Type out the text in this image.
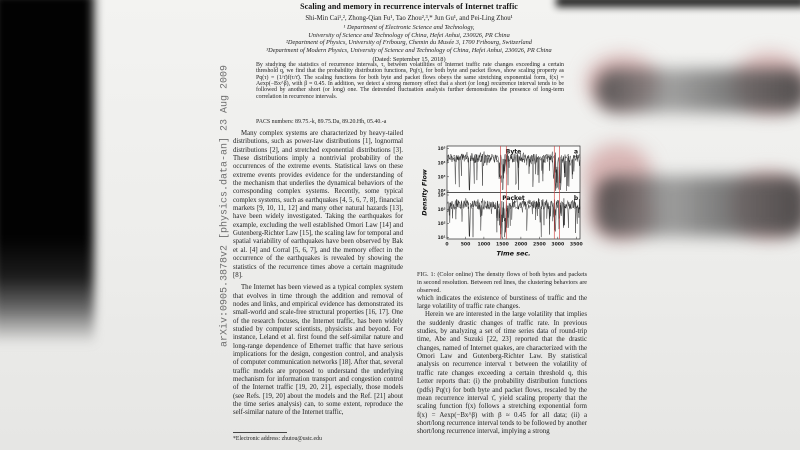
arXiv:0905.3878v2 [physics.data-an] 23 Aug 2009
Scaling and memory in recurrence intervals of Internet traffic
Shi-Min Cai¹,², Zhong-Qian Fu¹, Tao Zhou²,³,* Jun Gu¹, and Pei-Ling Zhou¹
¹ Department of Electronic Science and Technology,
University of Science and Technology of China, Hefei Anhui, 230026, PR China
²Department of Physics, University of Fribourg, Chemin du Musée 3, 1700 Fribourg, Switzerland
³Department of Modern Physics, University of Science and Technology of China, Hefei Anhui, 230026, PR China
(Dated: September 15, 2018)
By studying the statistics of recurrence intervals, τ, between volatilities of Internet traffic rate changes exceeding a certain threshold q, we find that the probability distribution functions, Pq(τ), for both byte and packet flows, show scaling property as Pq(τ) = (1/τ̄)f(τ/τ̄). The scaling functions for both byte and packet flows obeys the same stretching exponential form, f(x) = Aexp(−Bx^β), with β ≈ 0.45. In addition, we detect a strong memory effect that a short (or long) recurrence interval tends to be followed by another short (or long) one. The detrended fluctuation analysis further demonstrates the presence of long-term correlation in recurrence intervals.
PACS numbers: 89.75.-k, 89.75.Da, 89.20.Hh, 05.40.-a

Many complex systems are characterized by heavy-tailed distributions, such as power-law distributions [1], lognormal distributions [2], and stretched exponential distributions [3]. These distributions imply a nontrivial probability of the occurrences of the extreme events. Statistical laws on these extreme events provides evidence for the understanding of the mechanism that underlies the dynamical behaviors of the corresponding complex systems. Recently, some typical complex systems, such as earthquakes [4, 5, 6, 7, 8], financial markets [9, 10, 11, 12] and many other natural hazards [13], have been widely investigated. Taking the earthquakes for example, excluding the well established Omori Law [14] and Gutenberg-Richter Law [15], the scaling law for temporal and spatial variability of earthquakes have been observed by Bak et al. [4] and Corral [5, 6, 7], and the memory effect in the occurrence of the earthquakes is revealed by showing the statistics of the recurrence times above a certain magnitude [8].

The Internet has been viewed as a typical complex system that evolves in time through the addition and removal of nodes and links, and empirical evidence has demonstrated its small-world and scale-free structural properties [16, 17]. One of the research focuses, the Internet traffic, has been widely studied by computer scientists, physicists and beyond. For instance, Leland et al. first found the self-similar nature and long-range dependence of Ethernet traffic that have serious implications for the design, congestion control, and analysis of computer communication networks [18]. After that, several traffic models are proposed to understand the underlying mechanism for information transport and congestion control of the Internet traffic [19, 20, 21], especially, those models (see Refs. [19, 20] about the models and the Ref. [21] about the time series analysis) can, to some extent, reproduce the self-similar nature of the Internet traffic,

*Electronic address: zhutou@ustc.edu
10⁵
10⁴
10³
10²
Byte	a
10⁴
10³
10²
10¹
Packet	b
0	500 1000 1500 2000 2500 3000 3500
Time sec.
Density Flow
FIG. 1: (Color online) The density flows of both bytes and packets in second resolution. Between red lines, the clustering behaviors are observed.

which indicates the existence of burstiness of traffic and the large volatility of traffic rate changes.

Herein we are interested in the large volatility that implies the suddenly drastic changes of traffic rate. In previous studies, by analyzing a set of time series data of round-trip time, Abe and Suzuki [22, 23] reported that the drastic changes, named of Internet quakes, are characterized with the Omori Law and Gutenberg-Richter Law. By statistical analysis on recurrence interval τ between the volatility of traffic rate changes exceeding a certain threshold q, this Letter reports that: (i) the probability distribution functions (pdfs) Pq(τ) for both byte and packet flows, rescaled by the mean recurrence interval τ̄, yield scaling property that the scaling function f(x) follows a stretching exponential form f(x) = Aexp(−Bx^β) with β ≈ 0.45 for all data; (ii) a short/long recurrence interval tends to be followed by another short/long recurrence interval, implying a strong
